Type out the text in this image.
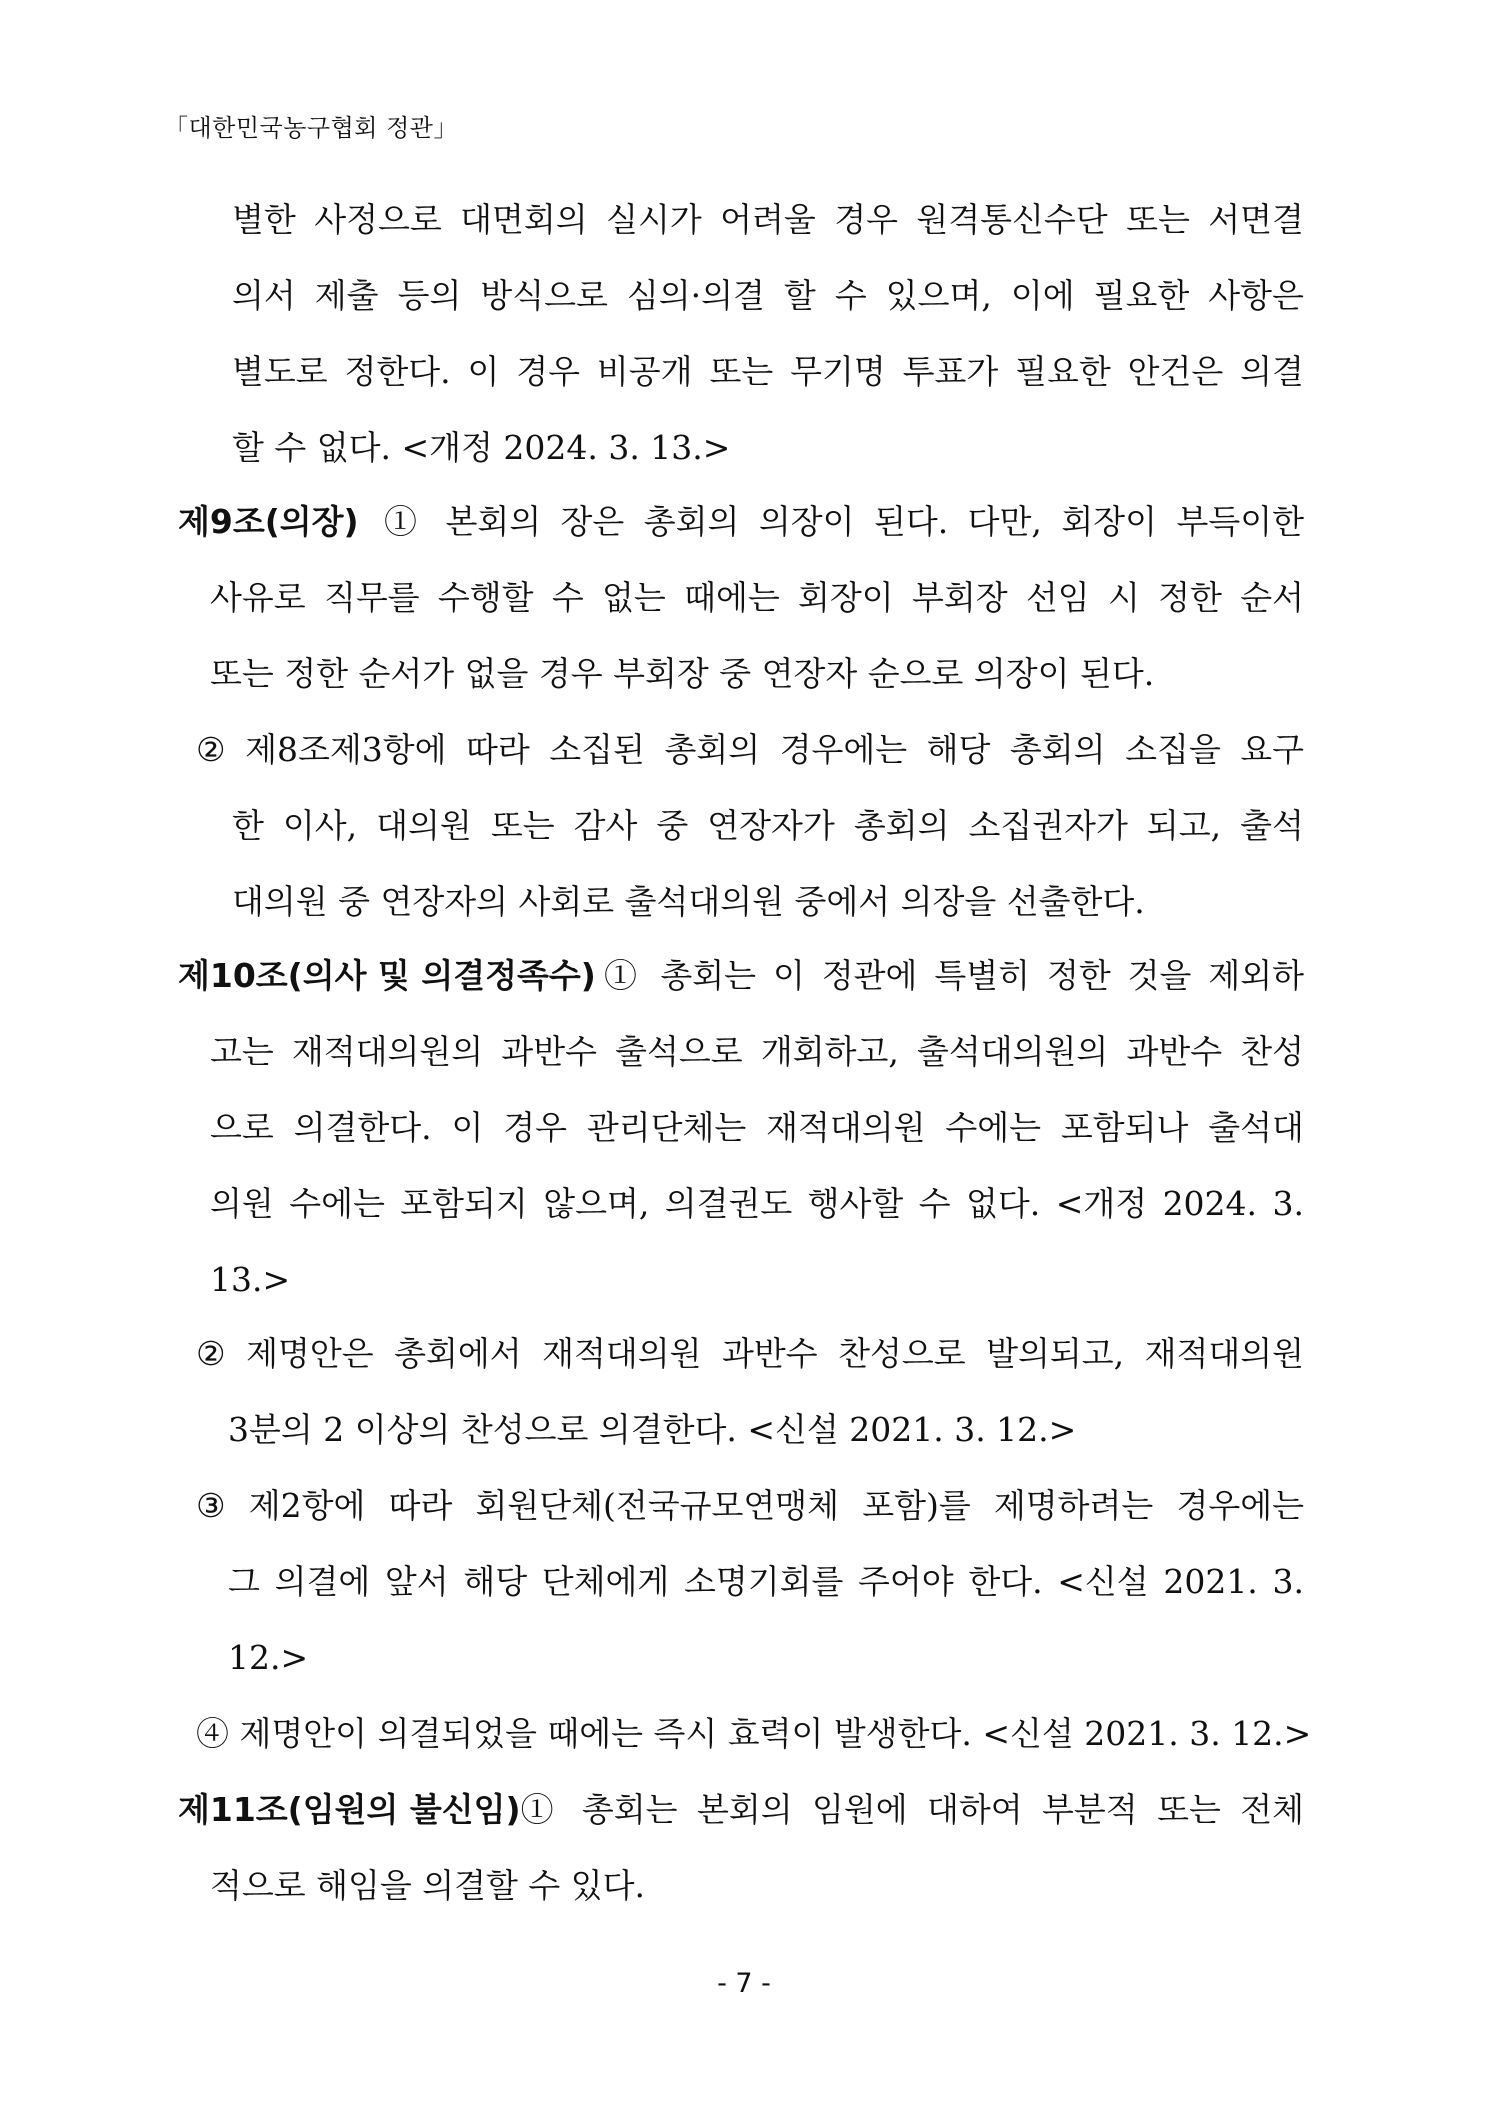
「대한민국농구협회 정관」
별한 사정으로 대면회의 실시가 어려울 경우 원격통신수단 또는 서면결
의서 제출 등의 방식으로 심의·의결 할 수 있으며, 이에 필요한 사항은
별도로 정한다. 이 경우 비공개 또는 무기명 투표가 필요한 안건은 의결
할 수 없다. <개정 2024. 3. 13.>
제9조(의장) ① 본회의 장은 총회의 의장이 된다. 다만, 회장이 부득이한
사유로 직무를 수행할 수 없는 때에는 회장이 부회장 선임 시 정한 순서
또는 정한 순서가 없을 경우 부회장 중 연장자 순으로 의장이 된다.
② 제8조제3항에 따라 소집된 총회의 경우에는 해당 총회의 소집을 요구
한 이사, 대의원 또는 감사 중 연장자가 총회의 소집권자가 되고, 출석
대의원 중 연장자의 사회로 출석대의원 중에서 의장을 선출한다.
제10조(의사 및 의결정족수) ① 총회는 이 정관에 특별히 정한 것을 제외하
고는 재적대의원의 과반수 출석으로 개회하고, 출석대의원의 과반수 찬성
으로 의결한다. 이 경우 관리단체는 재적대의원 수에는 포함되나 출석대
의원 수에는 포함되지 않으며, 의결권도 행사할 수 없다. <개정 2024. 3.
13.>
② 제명안은 총회에서 재적대의원 과반수 찬성으로 발의되고, 재적대의원
3분의 2 이상의 찬성으로 의결한다. <신설 2021. 3. 12.>
③ 제2항에 따라 회원단체(전국규모연맹체 포함)를 제명하려는 경우에는
그 의결에 앞서 해당 단체에게 소명기회를 주어야 한다. <신설 2021. 3.
12.>
④ 제명안이 의결되었을 때에는 즉시 효력이 발생한다. <신설 2021. 3. 12.>
제11조(임원의 불신임) ① 총회는 본회의 임원에 대하여 부분적 또는 전체
적으로 해임을 의결할 수 있다.
- 7 -
